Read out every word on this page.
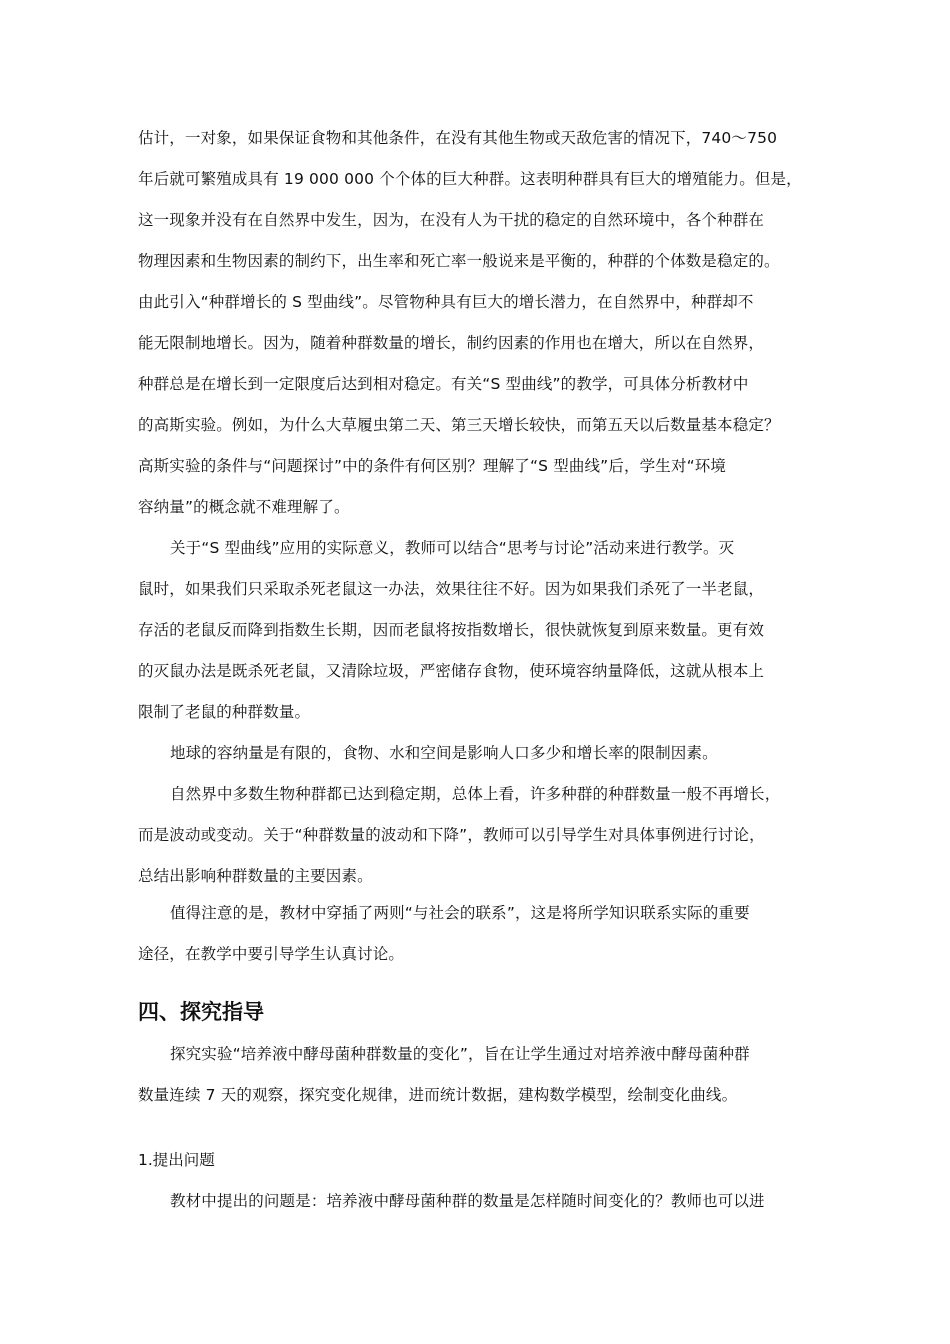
估计，一对象，如果保证食物和其他条件，在没有其他生物或天敌危害的情况下，740～750
年后就可繁殖成具有 19 000 000 个个体的巨大种群。这表明种群具有巨大的增殖能力。但是，
这一现象并没有在自然界中发生，因为，在没有人为干扰的稳定的自然环境中，各个种群在
物理因素和生物因素的制约下，出生率和死亡率一般说来是平衡的，种群的个体数是稳定的。
由此引入“种群增长的 S 型曲线”。尽管物种具有巨大的增长潜力，在自然界中，种群却不
能无限制地增长。因为，随着种群数量的增长，制约因素的作用也在增大，所以在自然界，
种群总是在增长到一定限度后达到相对稳定。有关“S 型曲线”的教学，可具体分析教材中
的高斯实验。例如，为什么大草履虫第二天、第三天增长较快，而第五天以后数量基本稳定？
高斯实验的条件与“问题探讨”中的条件有何区别？理解了“S 型曲线”后，学生对“环境
容纳量”的概念就不难理解了。
关于“S 型曲线”应用的实际意义，教师可以结合“思考与讨论”活动来进行教学。灭
鼠时，如果我们只采取杀死老鼠这一办法，效果往往不好。因为如果我们杀死了一半老鼠，
存活的老鼠反而降到指数生长期，因而老鼠将按指数增长，很快就恢复到原来数量。更有效
的灭鼠办法是既杀死老鼠，又清除垃圾，严密储存食物，使环境容纳量降低，这就从根本上
限制了老鼠的种群数量。
地球的容纳量是有限的，食物、水和空间是影响人口多少和增长率的限制因素。
自然界中多数生物种群都已达到稳定期，总体上看，许多种群的种群数量一般不再增长，
而是波动或变动。关于“种群数量的波动和下降”，教师可以引导学生对具体事例进行讨论，
总结出影响种群数量的主要因素。
值得注意的是，教材中穿插了两则“与社会的联系”，这是将所学知识联系实际的重要
途径，在教学中要引导学生认真讨论。
四、探究指导
探究实验“培养液中酵母菌种群数量的变化”，旨在让学生通过对培养液中酵母菌种群
数量连续 7 天的观察，探究变化规律，进而统计数据，建构数学模型，绘制变化曲线。
1.提出问题
教材中提出的问题是：培养液中酵母菌种群的数量是怎样随时间变化的？教师也可以进
